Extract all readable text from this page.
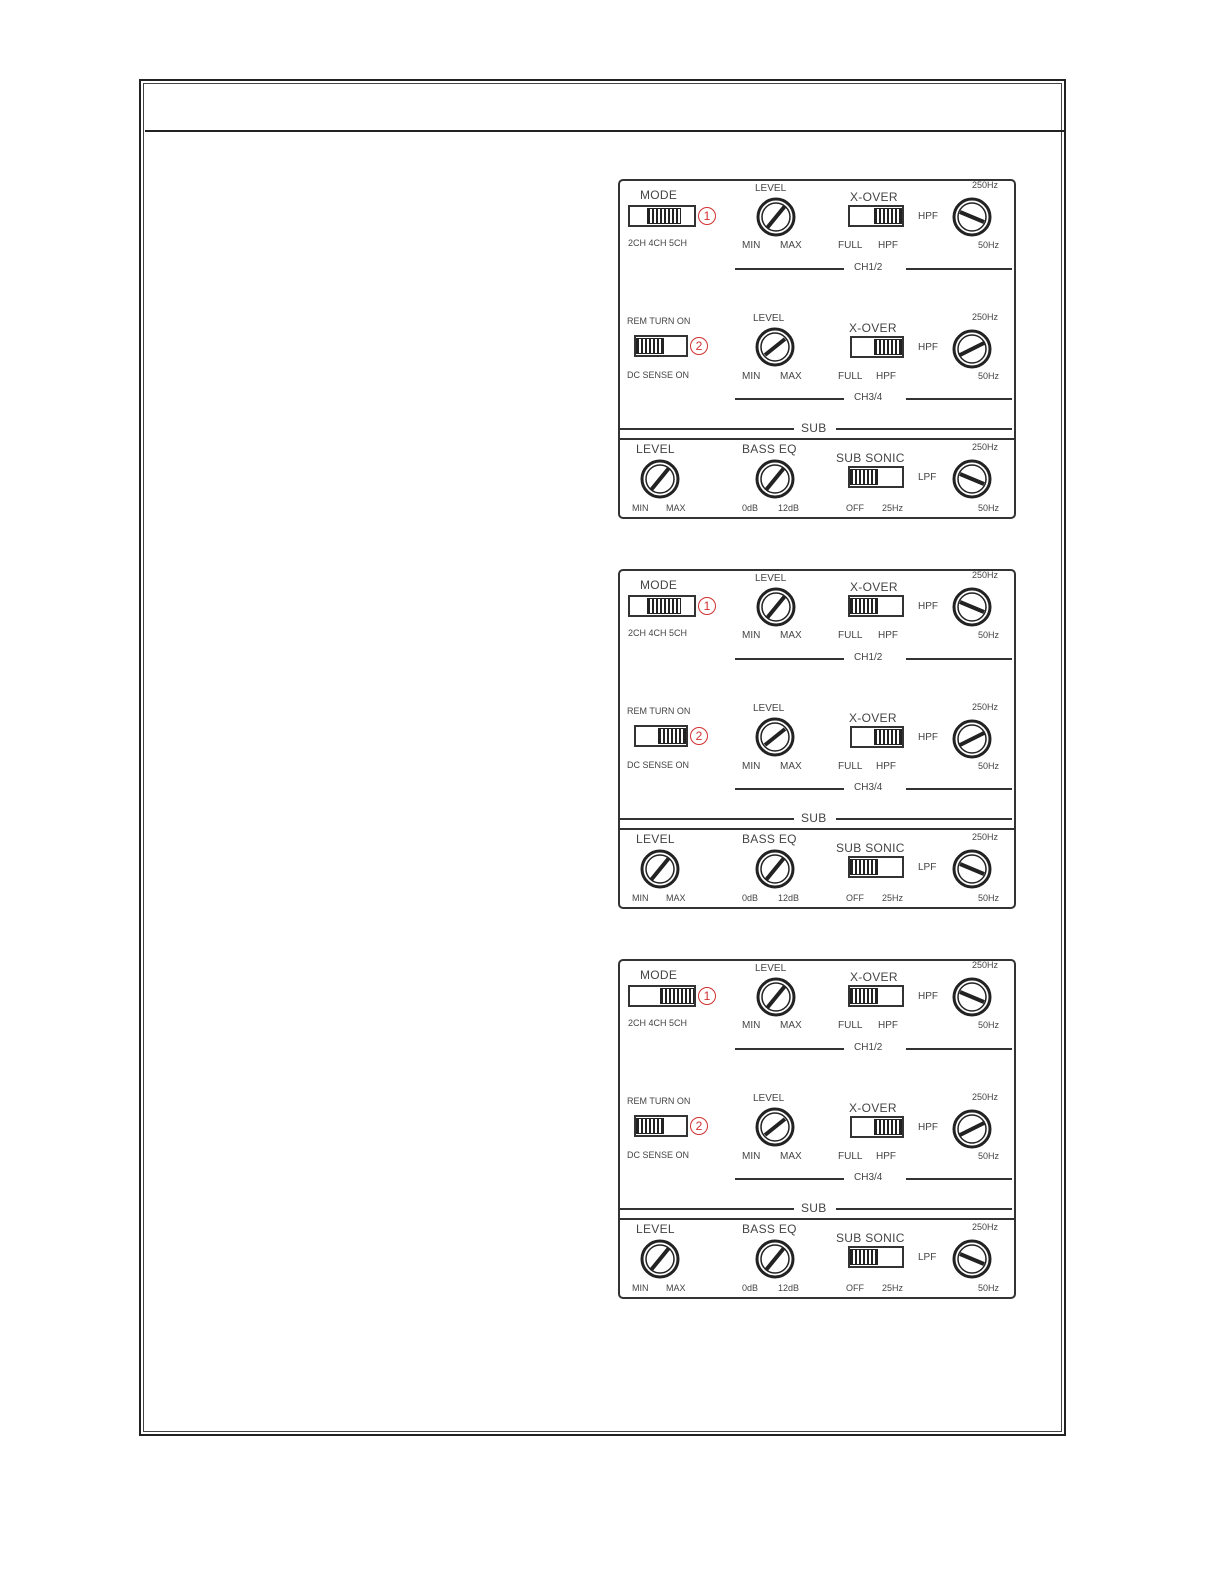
MODE
1
2CH 4CH 5CH
LEVEL
MIN MAX
X-OVER
FULL HPF
250Hz
HPF
50Hz
CH1/2
REM TURN ON
2
DC SENSE ON
LEVEL
MIN MAX
X-OVER
FULL HPF
250Hz
HPF
50Hz
CH3/4
SUB
LEVEL
MIN MAX
BASS EQ
0dB 12dB
SUB SONIC
OFF 25Hz
250Hz
LPF
50Hz
MODE
1
2CH 4CH 5CH
LEVEL
MIN MAX
X-OVER
FULL HPF
250Hz
HPF
50Hz
CH1/2
REM TURN ON
2
DC SENSE ON
LEVEL
MIN MAX
X-OVER
FULL HPF
250Hz
HPF
50Hz
CH3/4
SUB
LEVEL
MIN MAX
BASS EQ
0dB 12dB
SUB SONIC
OFF 25Hz
250Hz
LPF
50Hz
MODE
1
2CH 4CH 5CH
LEVEL
MIN MAX
X-OVER
FULL HPF
250Hz
HPF
50Hz
CH1/2
REM TURN ON
2
DC SENSE ON
LEVEL
MIN MAX
X-OVER
FULL HPF
250Hz
HPF
50Hz
CH3/4
SUB
LEVEL
MIN MAX
BASS EQ
0dB 12dB
SUB SONIC
OFF 25Hz
250Hz
LPF
50Hz
